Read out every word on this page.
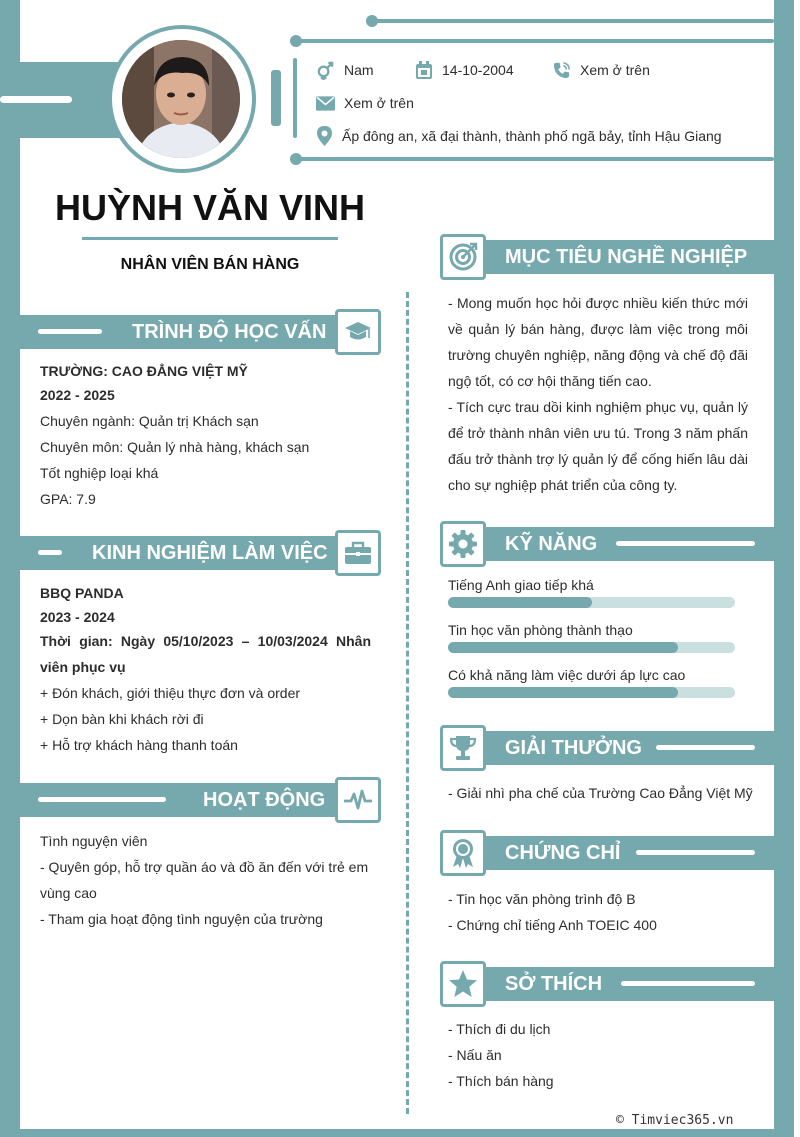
Nam	14-10-2004	Xem ở trên
Xem ở trên
Ấp đông an, xã đại thành, thành phố ngã bảy, tỉnh Hậu Giang
HUỲNH VĂN VINH
NHÂN VIÊN BÁN HÀNG
TRÌNH ĐỘ HỌC VẤN
TRƯỜNG: CAO ĐẲNG VIỆT MỸ
2022 - 2025
Chuyên ngành: Quản trị Khách sạn
Chuyên môn: Quản lý nhà hàng, khách sạn
Tốt nghiệp loại khá
GPA: 7.9
KINH NGHIỆM LÀM VIỆC
BBQ PANDA
2023 - 2024
Thời gian: Ngày 05/10/2023 – 10/03/2024 Nhân viên phục vụ
+ Đón khách, giới thiệu thực đơn và order
+ Dọn bàn khi khách rời đi
+ Hỗ trợ khách hàng thanh toán
HOẠT ĐỘNG
Tình nguyện viên
- Quyên góp, hỗ trợ quần áo và đồ ăn đến với trẻ em vùng cao
- Tham gia hoạt động tình nguyện của trường
MỤC TIÊU NGHỀ NGHIỆP
- Mong muốn học hỏi được nhiều kiến thức mới về quản lý bán hàng, được làm việc trong môi trường chuyên nghiệp, năng động và chế độ đãi ngộ tốt, có cơ hội thăng tiến cao.
- Tích cực trau dồi kinh nghiệm phục vụ, quản lý để trở thành nhân viên ưu tú. Trong 3 năm phấn đấu trở thành trợ lý quản lý để cống hiến lâu dài cho sự nghiệp phát triển của công ty.
KỸ NĂNG
Tiếng Anh giao tiếp khá
Tin học văn phòng thành thạo
Có khả năng làm việc dưới áp lực cao
GIẢI THƯỞNG
- Giải nhì pha chế của Trường Cao Đẳng Việt Mỹ
CHỨNG CHỈ
- Tin học văn phòng trình độ B
- Chứng chỉ tiếng Anh TOEIC 400
SỞ THÍCH
- Thích đi du lịch
- Nấu ăn
- Thích bán hàng
© Timviec365.vn
